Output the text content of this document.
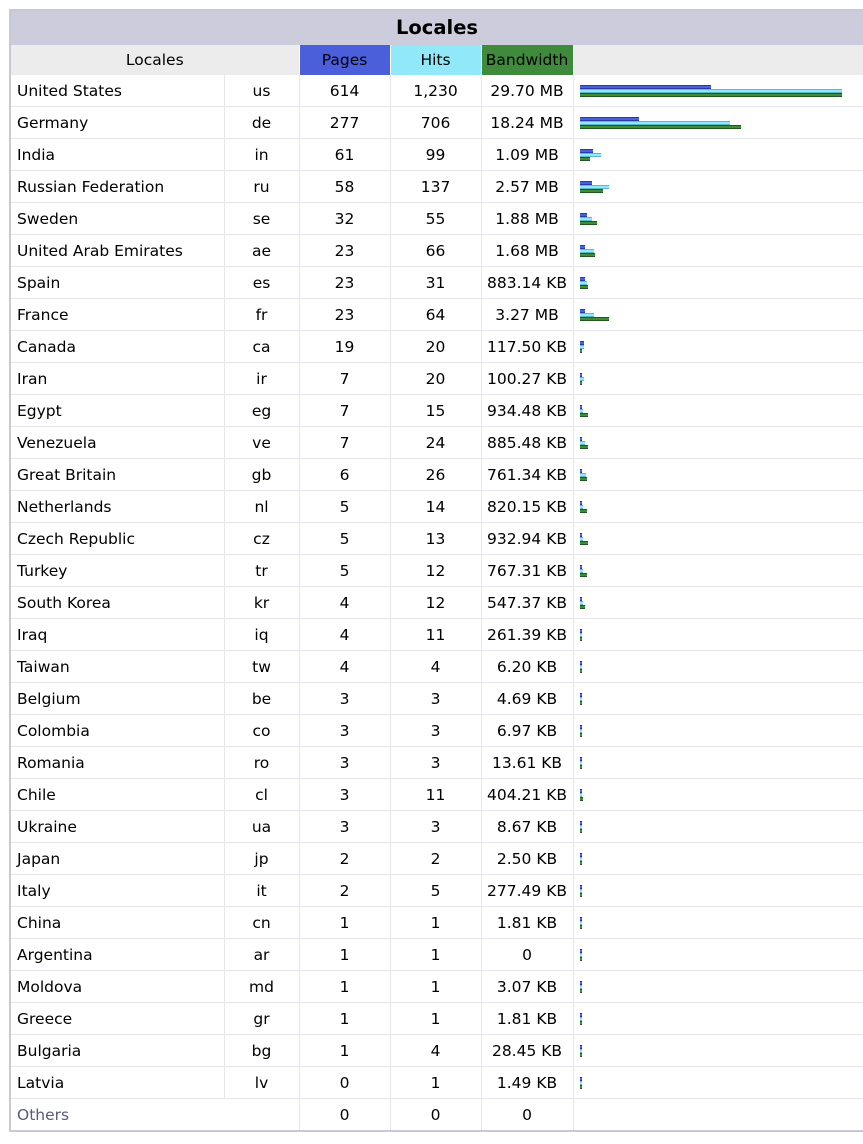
Locales
Locales		Pages	Hits	Bandwidth	
United States	us	614	1,230	29.70 MB	

Germany	de	277	706	18.24 MB	

India	in	61	99	1.09 MB	

Russian Federation	ru	58	137	2.57 MB	

Sweden	se	32	55	1.88 MB	

United Arab Emirates	ae	23	66	1.68 MB	

Spain	es	23	31	883.14 KB	

France	fr	23	64	3.27 MB	

Canada	ca	19	20	117.50 KB	

Iran	ir	7	20	100.27 KB	

Egypt	eg	7	15	934.48 KB	

Venezuela	ve	7	24	885.48 KB	

Great Britain	gb	6	26	761.34 KB	

Netherlands	nl	5	14	820.15 KB	

Czech Republic	cz	5	13	932.94 KB	

Turkey	tr	5	12	767.31 KB	

South Korea	kr	4	12	547.37 KB	

Iraq	iq	4	11	261.39 KB	

Taiwan	tw	4	4	6.20 KB	

Belgium	be	3	3	4.69 KB	

Colombia	co	3	3	6.97 KB	

Romania	ro	3	3	13.61 KB	

Chile	cl	3	11	404.21 KB	

Ukraine	ua	3	3	8.67 KB	

Japan	jp	2	2	2.50 KB	

Italy	it	2	5	277.49 KB	

China	cn	1	1	1.81 KB	

Argentina	ar	1	1	0	

Moldova	md	1	1	3.07 KB	

Greece	gr	1	1	1.81 KB	

Bulgaria	bg	1	4	28.45 KB	

Latvia	lv	0	1	1.49 KB	

Others		0	0	0	
